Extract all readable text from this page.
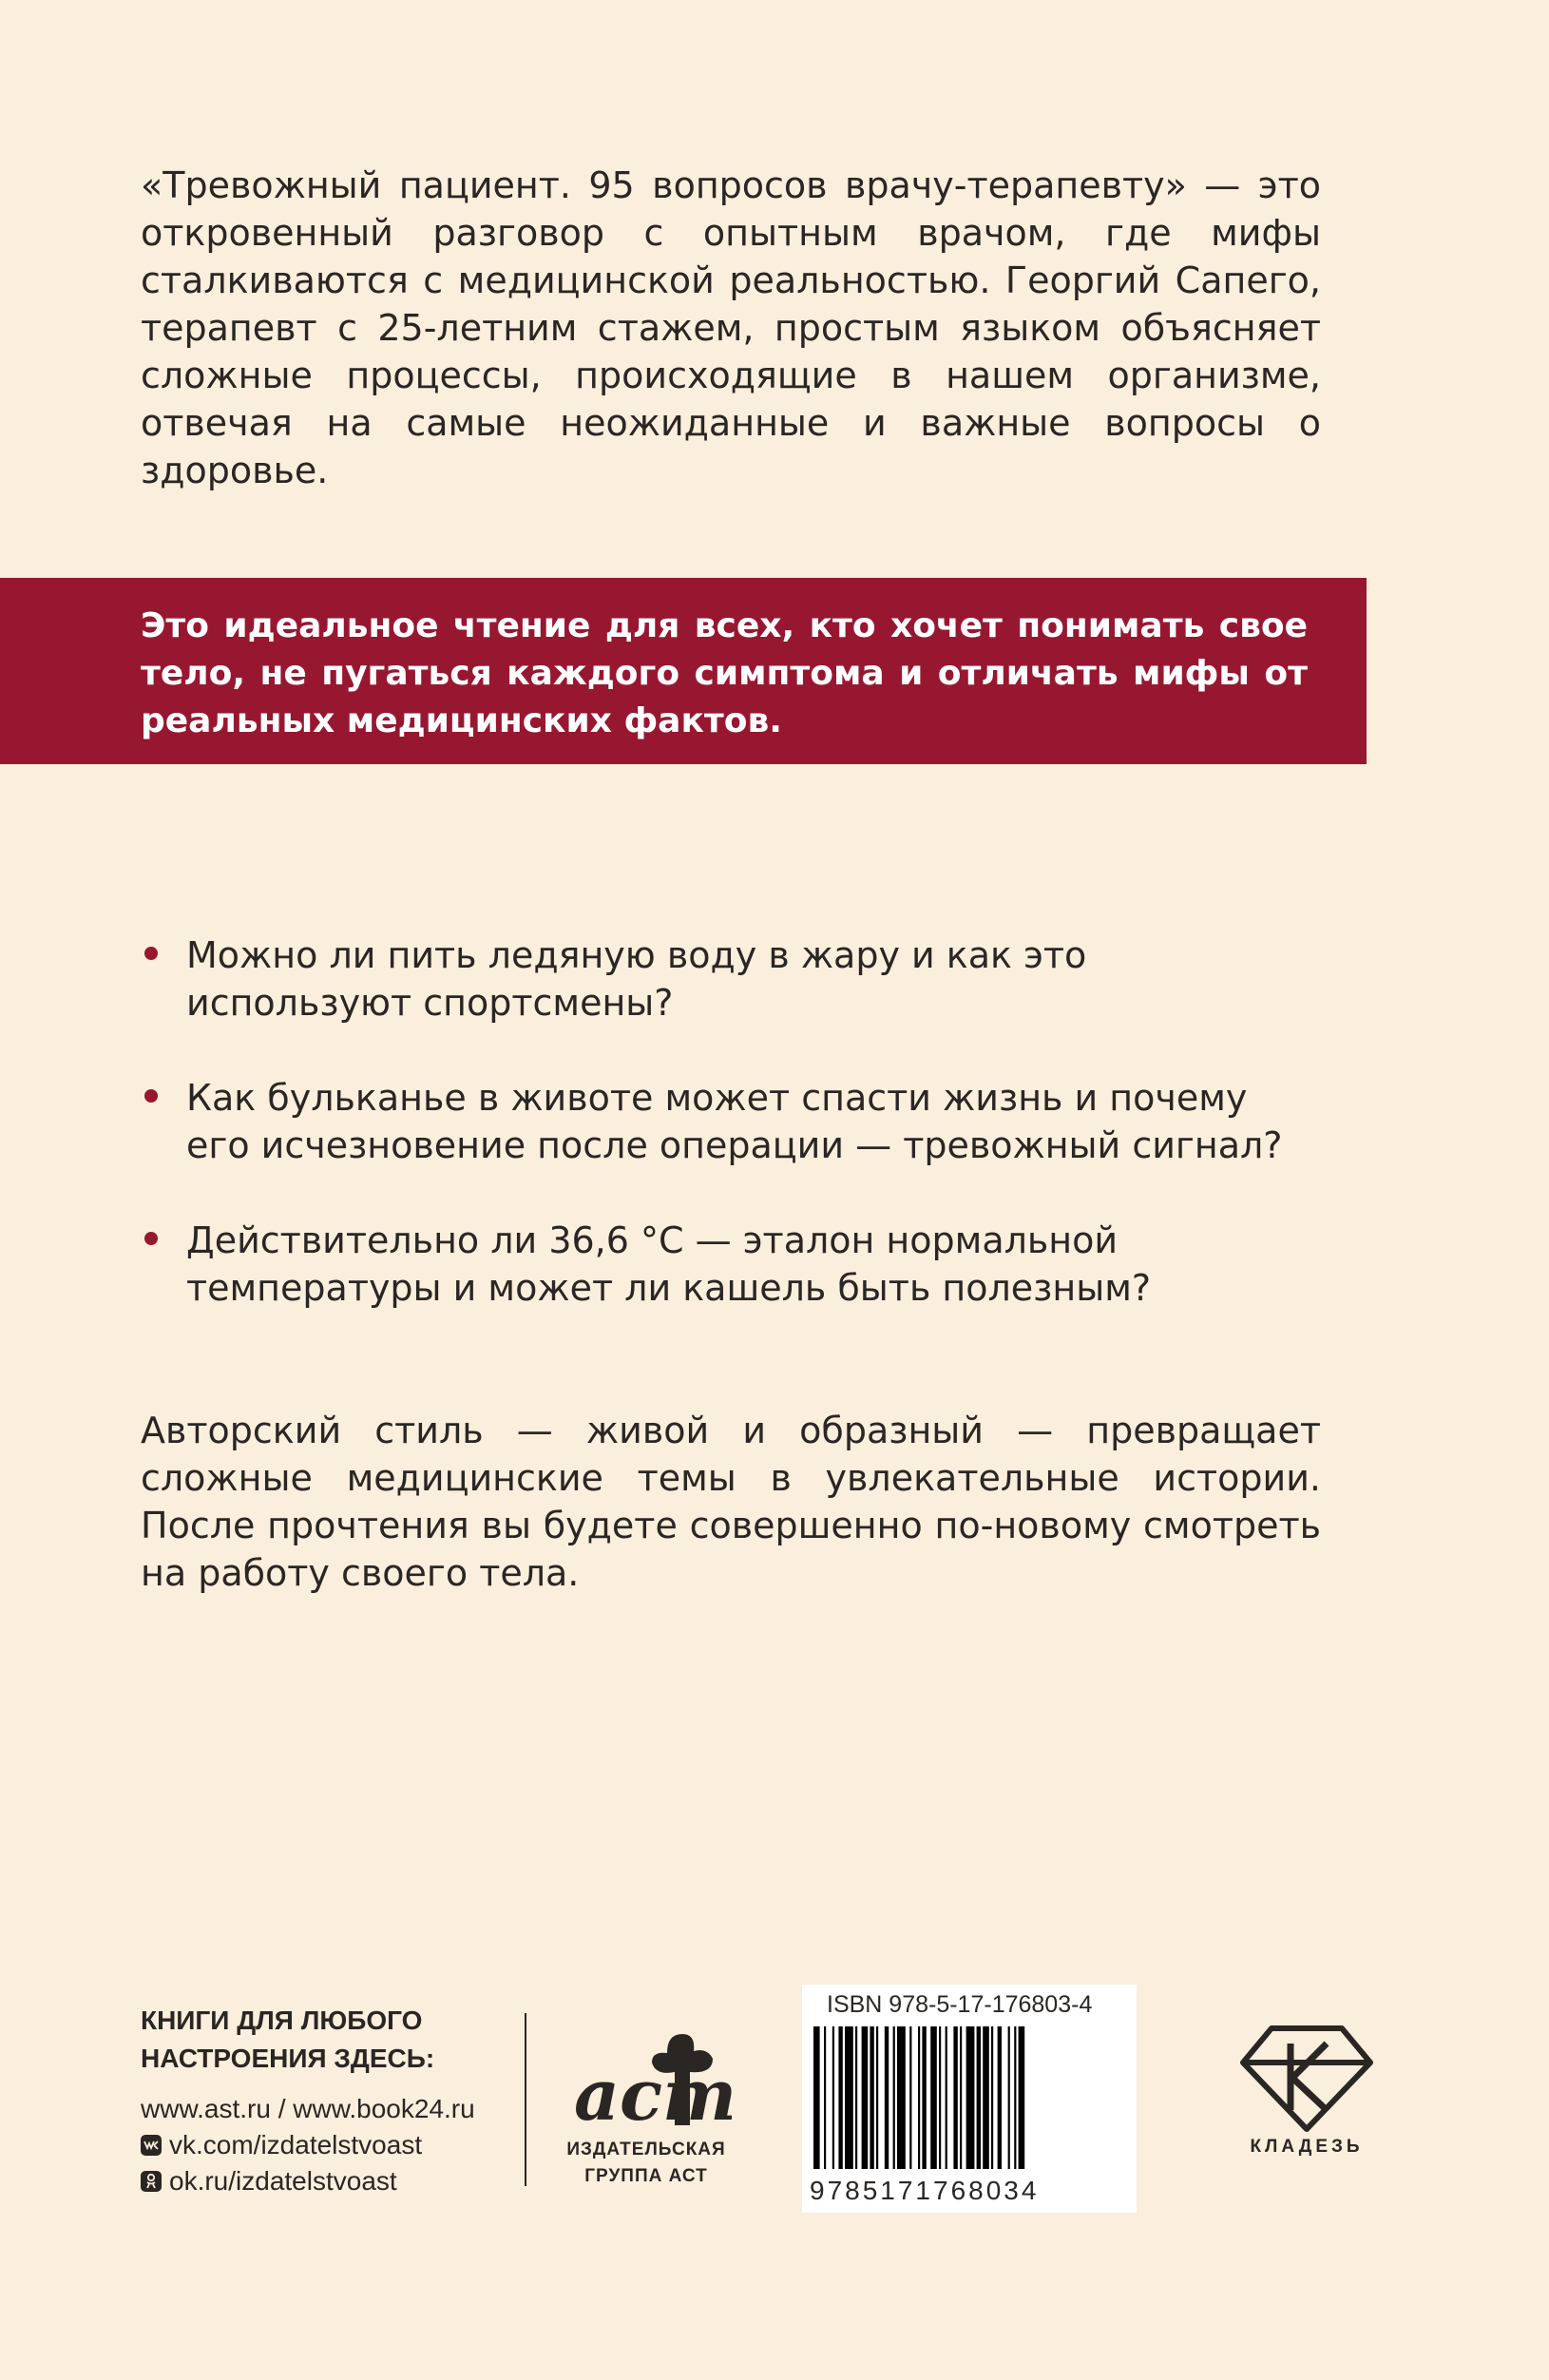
«Тревожный пациент. 95 вопросов врачу-терапевту» — это откровенный разговор с опытным врачом, где мифы сталкиваются с медицинской реальностью. Георгий Сапего, терапевт с 25-летним стажем, простым языком объясняет сложные процессы, происходящие в нашем организме, отвечая на самые неожиданные и важные вопросы о здоровье.

Это идеальное чтение для всех, кто хочет понимать свое тело, не пугаться каждого симптома и отличать мифы от реальных медицинских фактов.

Можно ли пить ледяную воду в жару и как это используют спортсмены?
Как бульканье в животе может спасти жизнь и почему его исчезновение после операции — тревожный сигнал?
Действительно ли 36,6 °С — эталон нормальной температуры и может ли кашель быть полезным?

Авторский стиль — живой и образный — превращает сложные медицинские темы в увлекательные истории. После прочтения вы будете совершенно по-новому смотреть на работу своего тела.

КНИГИ ДЛЯ ЛЮБОГО

НАСТРОЕНИЯ ЗДЕСЬ:

www.ast.ru / www.book24.ru
vk.com/izdatelstvoast
ok.ru/izdatelstvoast
аст
ИЗДАТЕЛЬСКАЯ
ГРУППА АСТ
ISBN 978-5-17-176803-4
9785171768034
КЛАДЕЗЬ
